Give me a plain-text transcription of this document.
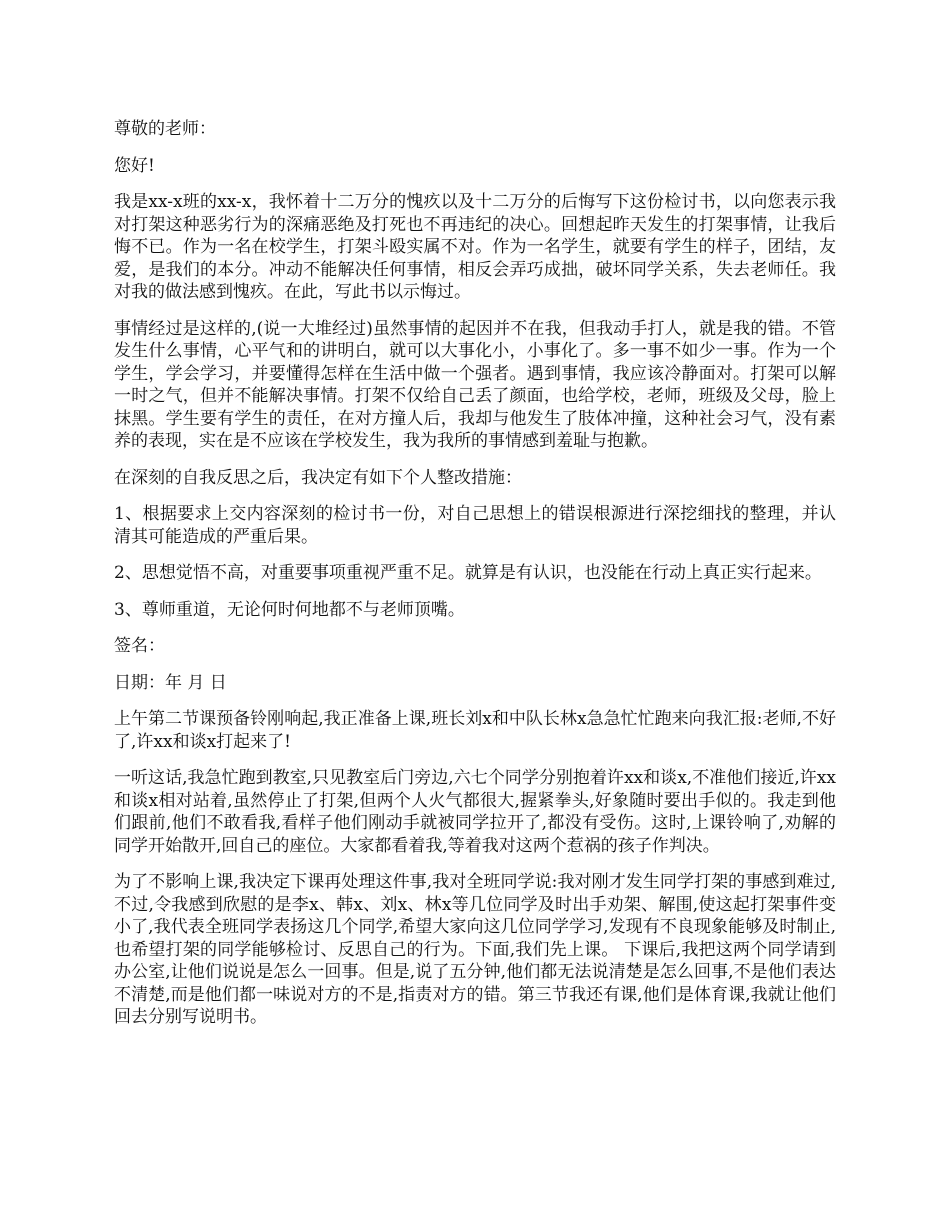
尊敬的老师：

您好!

我是xx-x班的xx-x，我怀着十二万分的愧疚以及十二万分的后悔写下这份检讨书，以向您表示我对打架这种恶劣行为的深痛恶绝及打死也不再违纪的决心。回想起昨天发生的打架事情，让我后悔不已。作为一名在校学生，打架斗殴实属不对。作为一名学生，就要有学生的样子，团结，友爱，是我们的本分。冲动不能解决任何事情，相反会弄巧成拙，破坏同学关系，失去老师任。我对我的做法感到愧疚。在此，写此书以示悔过。

事情经过是这样的,(说一大堆经过)虽然事情的起因并不在我，但我动手打人，就是我的错。不管发生什么事情，心平气和的讲明白，就可以大事化小，小事化了。多一事不如少一事。作为一个学生，学会学习，并要懂得怎样在生活中做一个强者。遇到事情，我应该冷静面对。打架可以解一时之气，但并不能解决事情。打架不仅给自己丢了颜面，也给学校，老师，班级及父母，脸上抹黑。学生要有学生的责任，在对方撞人后，我却与他发生了肢体冲撞，这种社会习气，没有素养的表现，实在是不应该在学校发生，我为我所的事情感到羞耻与抱歉。

在深刻的自我反思之后，我决定有如下个人整改措施：

1、根据要求上交内容深刻的检讨书一份，对自己思想上的错误根源进行深挖细找的整理，并认清其可能造成的严重后果。

2、思想觉悟不高，对重要事项重视严重不足。就算是有认识，也没能在行动上真正实行起来。

3、尊师重道，无论何时何地都不与老师顶嘴。

签名：

日期：年 月 日

上午第二节课预备铃刚响起,我正准备上课,班长刘x和中队长林x急急忙忙跑来向我汇报:老师,不好了,许xx和谈x打起来了!

一听这话,我急忙跑到教室,只见教室后门旁边,六七个同学分别抱着许xx和谈x,不准他们接近,许xx和谈x相对站着,虽然停止了打架,但两个人火气都很大,握紧拳头,好象随时要出手似的。我走到他们跟前,他们不敢看我,看样子他们刚动手就被同学拉开了,都没有受伤。这时,上课铃响了,劝解的同学开始散开,回自己的座位。大家都看着我,等着我对这两个惹祸的孩子作判决。

为了不影响上课,我决定下课再处理这件事,我对全班同学说:我对刚才发生同学打架的事感到难过,不过,令我感到欣慰的是李x、韩x、刘x、林x等几位同学及时出手劝架、解围,使这起打架事件变小了,我代表全班同学表扬这几个同学,希望大家向这几位同学学习,发现有不良现象能够及时制止,也希望打架的同学能够检讨、反思自己的行为。下面,我们先上课。 下课后,我把这两个同学请到办公室,让他们说说是怎么一回事。但是,说了五分钟,他们都无法说清楚是怎么回事,不是他们表达不清楚,而是他们都一味说对方的不是,指责对方的错。第三节我还有课,他们是体育课,我就让他们回去分别写说明书。
